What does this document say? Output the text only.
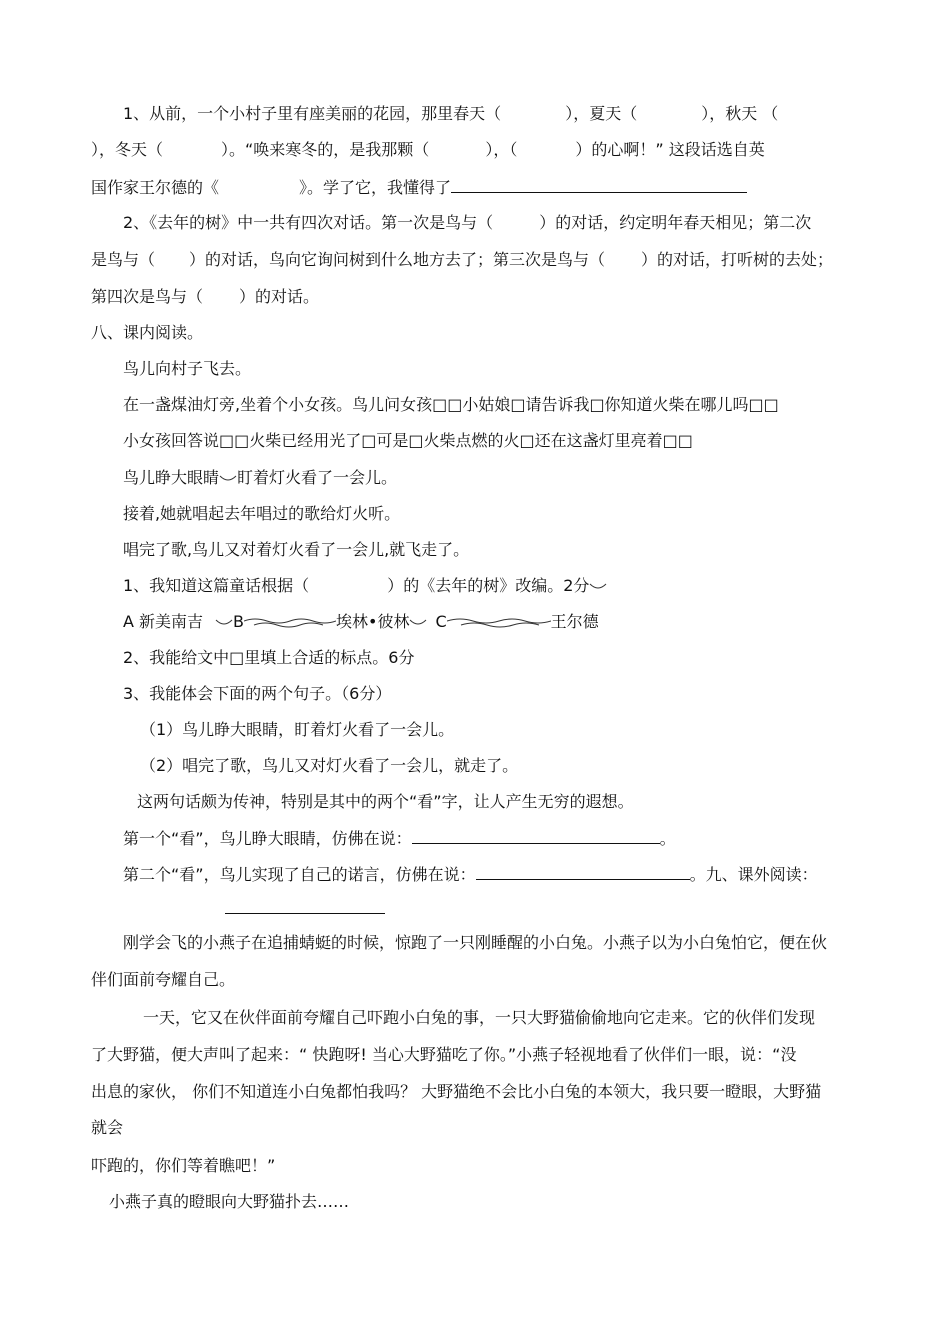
1、从前，一个小村子里有座美丽的花园，那里春天（	），夏天（	），秋天 （
），冬天（	）。“唤来寒冬的，是我那颗（	），（	）的心啊！” 这段话选自英
国作家王尔德的《	》。学了它，我懂得了
2、《去年的树》中一共有四次对话。第一次是鸟与（	）的对话，约定明年春天相见；第二次
是鸟与（ ）的对话，鸟向它询问树到什么地方去了；第三次是鸟与（ ）的对话，打听树的去处；
第四次是鸟与（ ）的对话。
八、课内阅读。
鸟儿向村子飞去。
在一盏煤油灯旁,坐着个小女孩。鸟儿问女孩□□小姑娘□请告诉我□你知道火柴在哪儿吗□□
小女孩回答说□□火柴已经用光了□可是□火柴点燃的火□还在这盏灯里亮着□□
鸟儿睁大眼睛 盯着灯火看了一会儿。
接着,她就唱起去年唱过的歌给灯火听。
唱完了歌,鸟儿又对着灯火看了一会儿,就飞走了。
1、我知道这篇童话根据（	）的《去年的树》改编。2分
A 新美南吉 B	埃林•彼林 C	王尔德
2、我能给文中□里填上合适的标点。6分
3、我能体会下面的两个句子。（6分）
（1）鸟儿睁大眼睛，盯着灯火看了一会儿。
（2）唱完了歌，鸟儿又对灯火看了一会儿，就走了。
这两句话颇为传神，特别是其中的两个“看”字，让人产生无穷的遐想。
第一个“看”，鸟儿睁大眼睛，仿佛在说：	。
第二个“看”，鸟儿实现了自己的诺言，仿佛在说：	。九、课外阅读：
刚学会飞的小燕子在追捕蜻蜓的时候，惊跑了一只刚睡醒的小白兔。小燕子以为小白兔怕它，便在伙
伴们面前夸耀自己。
一天，它又在伙伴面前夸耀自己吓跑小白兔的事，一只大野猫偷偷地向它走来。它的伙伴们发现
了大野猫，便大声叫了起来：“ 快跑呀! 当心大野猫吃了你。”小燕子轻视地看了伙伴们一眼，说：“没
出息的家伙， 你们不知道连小白兔都怕我吗？ 大野猫绝不会比小白兔的本领大，我只要一瞪眼，大野猫
就会
吓跑的，你们等着瞧吧！”
小燕子真的瞪眼向大野猫扑去……
